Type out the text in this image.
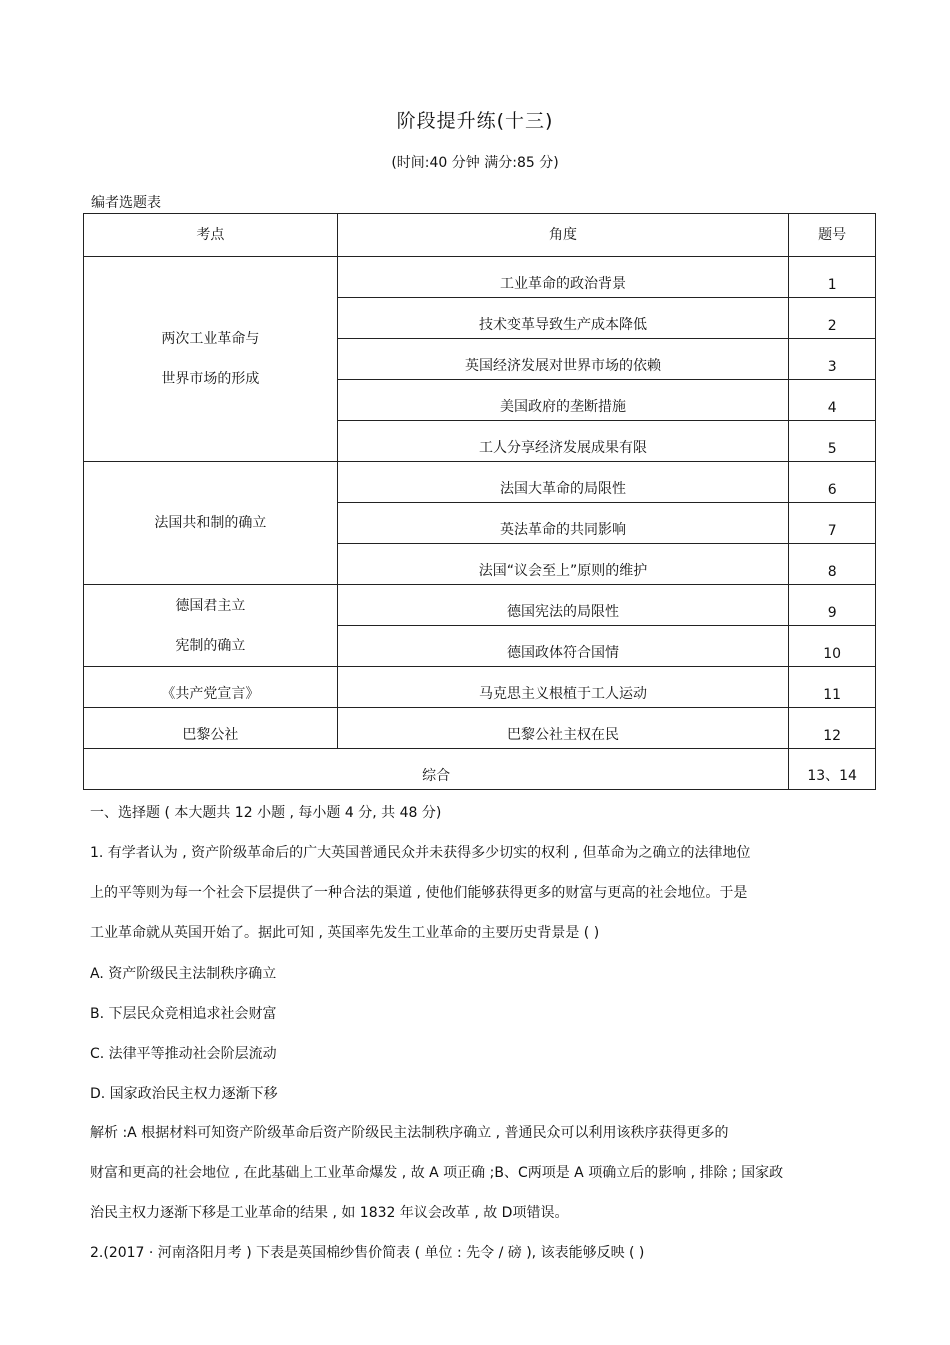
阶段提升练(十三)
(时间:40 分钟 满分:85 分)
编者选题表
考点	角度	题号

两次工业革命与
世界市场的形成	工业革命的政治背景	1
	技术变革导致生产成本降低	2
	英国经济发展对世界市场的依赖	3
	美国政府的垄断措施	4
	工人分享经济发展成果有限	5

法国共和制的确立	法国大革命的局限性	6
	英法革命的共同影响	7
	法国“议会至上”原则的维护	8

德国君主立
宪制的确立	德国宪法的局限性	9
	德国政体符合国情	10
《共产党宣言》	马克思主义根植于工人运动	11
巴黎公社	巴黎公社主权在民	12
综合		13、14
一、选择题 ( 本大题共 12 小题 , 每小题 4 分, 共 48 分)
1. 有学者认为 , 资产阶级革命后的广大英国普通民众并未获得多少切实的权利 , 但革命为之确立的法律地位
上的平等则为每一个社会下层提供了一种合法的渠道 , 使他们能够获得更多的财富与更高的社会地位。于是
工业革命就从英国开始了。据此可知 , 英国率先发生工业革命的主要历史背景是 ( )
A. 资产阶级民主法制秩序确立
B. 下层民众竞相追求社会财富
C. 法律平等推动社会阶层流动
D. 国家政治民主权力逐渐下移
解析 :A 根据材料可知资产阶级革命后资产阶级民主法制秩序确立 , 普通民众可以利用该秩序获得更多的
财富和更高的社会地位 , 在此基础上工业革命爆发 , 故 A 项正确 ;B、C两项是 A 项确立后的影响 , 排除 ; 国家政
治民主权力逐渐下移是工业革命的结果 , 如 1832 年议会改革 , 故 D项错误。
2.(2017 · 河南洛阳月考 ) 下表是英国棉纱售价简表 ( 单位 : 先令 / 磅 ), 该表能够反映 ( )
